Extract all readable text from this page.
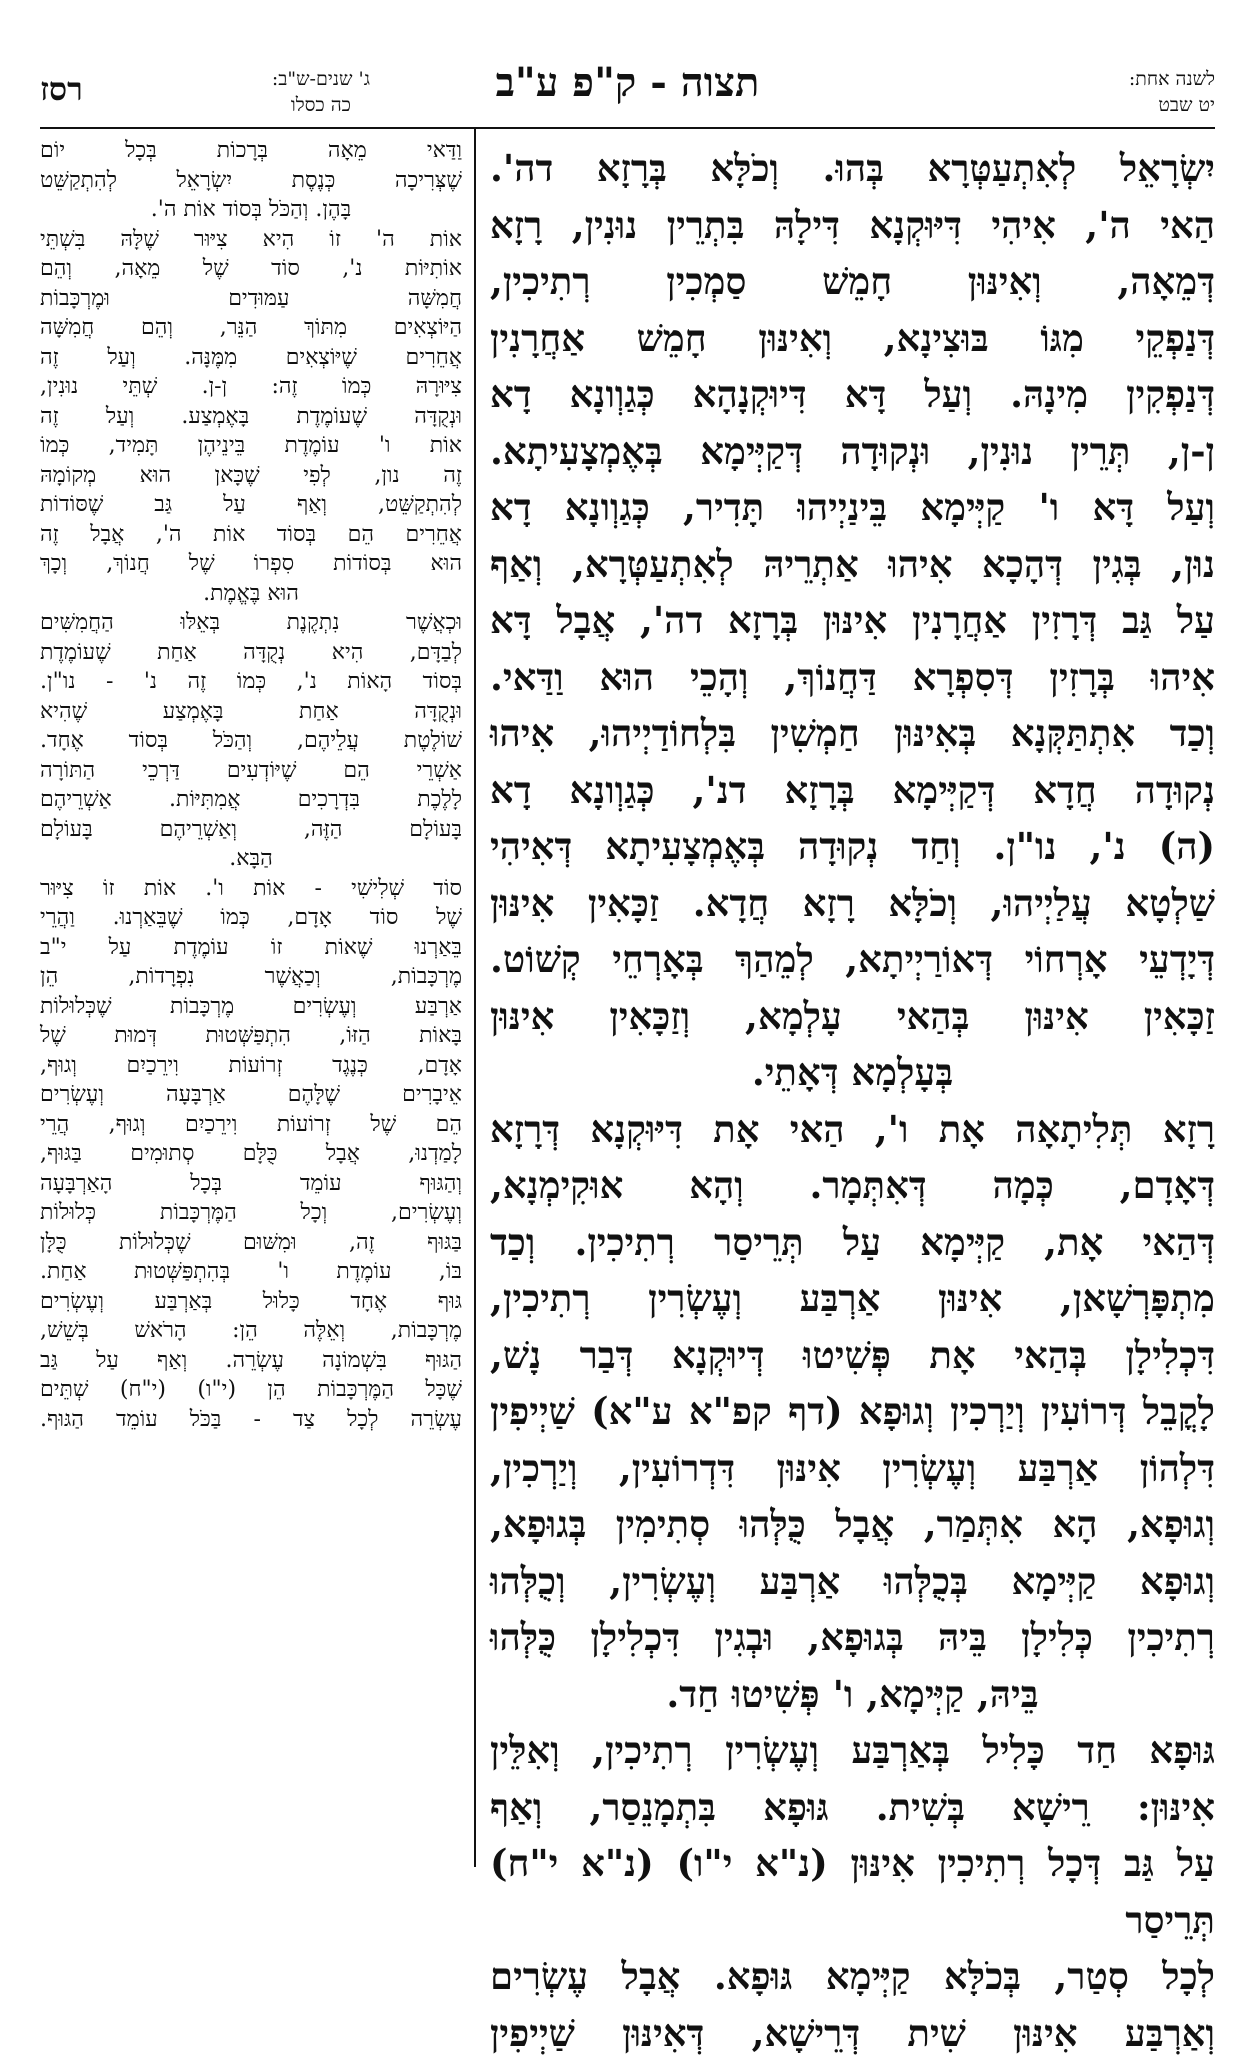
לשנה אחת:
יט שבט
תצוה - ק"פ ע"ב
ג' שנים-ש"ב:
כה כסלו
רסז

יִשְׂרָאֵל לְאִתְעַטְּרָא בְּהוּ. וְכֹלָּא בְּרָזָא דה'.

הַאי ה', אִיהִי דִּיּוּקְנָא דִּילָהּ בִּתְרֵין נוּנִין, רָזָא

דְּמֵאָה, וְאִינּוּן חָמֵשׁ סַמְכִין רְתִיכִין,

דְּנַפְקֵי מִגּוֹ בּוּצִינָא, וְאִינּוּן חָמֵשׁ אַחֲרָנִין

דְּנַפְקִין מִינָהּ. וְעַל דָּא דִּיוּקְנָהָא כְּגַוְונָא דָא

ן-ן, תְּרֵין נוּנִין, וּנְקוּדָה דְּקַיְּימָא בְּאֶמְצָעִיתָא.

וְעַל דָּא ו' קַיְּימָא בֵּינַיְיהוּ תָּדִיר, כְּגַוְונָא דָא

נוּן, בְּגִין דְּהָכָא אִיהוּ אַתְרֵיהּ לְאִתְעַטְּרָא, וְאַף

עַל גַּב דְּרָזִין אַחֲרָנִין אִינּוּן בְּרָזָא דה', אֲבָל דָּא

אִיהוּ בְּרָזִין דְּסִפְרָא דַּחֲנוֹךְ, וְהָכֵי הוּא וַדַּאי.

וְכַד אִתְתַּקְּנָא בְּאִינּוּן חַמְשִׁין בִּלְחוֹדַיְיהוּ, אִיהוּ

נְקוּדָה חֲדָא דְּקַיְּימָא בְּרָזָא דנ', כְּגַוְונָא דָא

(ה) נ', נו"ן. וְחַד נְקוּדָה בְּאֶמְצָעִיתָא דְּאִיהִי

שַׁלְטָא עֲלַיְיהוּ, וְכֹלָּא רָזָא חֲדָא. זַכָּאִין אִינּוּן

דְּיָדְעֵי אָרְחוֹי דְּאוֹרַיְיתָא, לְמֵהַךְ בְּאָרְחֵי קְשׁוֹט.

זַכָּאִין אִינּוּן בְּהַאי עָלְמָא, וְזַכָּאִין אִינּוּן

בְּעָלְמָא דְּאָתֵי.

רָזָא תְּלִיתָאָה אָת ו', הַאי אָת דִּיּוּקְנָא דְּרָזָא

דְּאָדָם, כְּמָה דְּאִתְּמָר. וְהָא אוּקִימְנָא,

דְּהַאי אָת, קַיְּימָא עַל תְּרֵיסַר רְתִיכִין. וְכַד

מִתְפָּרְשָׁאן, אִינּוּן אַרְבַּע וְעֶשְׂרִין רְתִיכִין,

דִּכְלִילָן בְּהַאי אָת פְּשִׁיטוּ דְּיוּקְנָא דְּבַר נָשׁ,

לָקֳבֵל דְּרוֹעִין וְיַרְכִין וְגוּפָא (דף קפ"א ע"א) שַׁיְיפִין

דִּלְהוֹן אַרְבַּע וְעֶשְׂרִין אִינּוּן דִּדְרוֹעִין, וְיַרְכִין,

וְגוּפָא, הָא אִתְּמַר, אֲבָל כֻּלְּהוּ סְתִימִין בְּגוּפָא,

וְגוּפָא קַיְּימָא בְּכֻלְּהוּ אַרְבַּע וְעֶשְׂרִין, וְכֻלְּהוּ

רְתִיכִין כְּלִילָן בֵּיהּ בְּגוּפָא, וּבְגִין דִּכְלִילָן כֻּלְּהוּ

בֵּיהּ, קַיְּימָא, ו' פְּשִׁיטוּ חַד.

גּוּפָא חַד כָּלִיל בְּאַרְבַּע וְעֶשְׂרִין רְתִיכִין, וְאִלֵּין

אִינּוּן: רֵישָׁא בְּשִׁית. גּוּפָא בִּתְמָנֵסַר, וְאַף

עַל גַּב דְּכָל רְתִיכִין אִינּוּן (נ"א י"ו) (נ"א י"ח) תְּרֵיסַר

לְכָל סְטַר, בְּכֹלָּא קַיְּימָא גּוּפָא. אֲבָל עֶשְׂרִים

וְאַרְבַּע אִינּוּן שִׁית דְּרֵישָׁא, דְּאִינּוּן שַׁיְיפִין

וַדַּאי מֵאָה בְּרָכוֹת בְּכָל יוֹם

שֶׁצְּרִיכָה כְּנֶסֶת יִשְׂרָאֵל לְהִתְקַשֵּׁט

בָּהֶן. וְהַכֹּל בְּסוֹד אוֹת ה'.

אוֹת ה' זוֹ הִיא צִיּוּר שֶׁלָּהּ בִּשְׁתֵּי

אוֹתִיּוֹת נ', סוֹד שֶׁל מֵאָה, וְהֵם

חֲמִשָּׁה עַמּוּדִים וּמֶרְכָּבוֹת

הַיּוֹצְאִים מִתּוֹךְ הַנֵּר, וְהֵם חֲמִשָּׁה

אֲחֵרִים שֶׁיּוֹצְאִים מִמֶּנָּה. וְעַל זֶה

צִיּוּרָהּ כְּמוֹ זֶה: ן-ן. שְׁתֵּי נוּנִין,

וּנְקֻדָּה שֶׁעוֹמֶדֶת בָּאֶמְצַע. וְעַל זֶה

אוֹת ו' עוֹמֶדֶת בֵּינֵיהֶן תָּמִיד, כְּמוֹ

זֶה נון, לְפִי שֶׁכָּאן הוּא מְקוֹמָהּ

לְהִתְקַשֵּׁט, וְאַף עַל גַּב שֶׁסּוֹדוֹת

אֲחֵרִים הֵם בְּסוֹד אוֹת ה', אֲבָל זֶה

הוּא בְּסוֹדוֹת סִפְרוֹ שֶׁל חֲנוֹךְ, וְכָךְ

הוּא בֶּאֱמֶת.

וּכְאֲשֶׁר נִתְקֶנֶת בְּאֵלּוּ הַחֲמִשִּׁים

לְבַדָּם, הִיא נְקֻדָּה אַחַת שֶׁעוֹמֶדֶת

בְּסוֹד הָאוֹת נ', כְּמוֹ זֶה נ' - נו"ן.

וּנְקֻדָּה אַחַת בָּאֶמְצַע שֶׁהִיא

שׁוֹלֶטֶת עֲלֵיהֶם, וְהַכֹּל בְּסוֹד אֶחָד.

אַשְׁרֵי הֵם שֶׁיּוֹדְעִים דַּרְכֵי הַתּוֹרָה

לָלֶכֶת בִּדְרָכִים אֲמִתִּיּוֹת. אַשְׁרֵיהֶם

בָּעוֹלָם הַזֶּה, וְאַשְׁרֵיהֶם בָּעוֹלָם

הַבָּא.

סוֹד שְׁלִישִׁי - אוֹת ו'. אוֹת זוֹ צִיּוּר

שֶׁל סוֹד אָדָם, כְּמוֹ שֶׁבֵּאַרְנוּ. וַהֲרֵי

בֵּאַרְנוּ שֶׁאוֹת זוֹ עוֹמֶדֶת עַל י"ב

מֶרְכָּבוֹת, וְכַאֲשֶׁר נִפְרָדוֹת, הֵן

אַרְבַּע וְעֶשְׂרִים מֶרְכָּבוֹת שֶׁכְּלוּלוֹת

בָּאוֹת הַזּוֹ, הִתְפַּשְּׁטוּת דְּמוּת שֶׁל

אָדָם, כְּנֶגֶד זְרוֹעוֹת וִירֵכַיִם וְגוּף,

אֵיבָרִים שֶׁלָּהֶם אַרְבָּעָה וְעֶשְׂרִים

הֵם שֶׁל זְרוֹעוֹת וִירֵכַיִם וְגוּף, הֲרֵי

לָמַדְנוּ, אֲבָל כֻּלָּם סְתוּמִים בַּגּוּף,

וְהַגּוּף עוֹמֵד בְּכָל הָאַרְבָּעָה

וְעֶשְׂרִים, וְכָל הַמֶּרְכָּבוֹת כְּלוּלוֹת

בַּגּוּף זֶה, וּמִשּׁוּם שֶׁכְּלוּלוֹת כֻּלָּן

בּוֹ, עוֹמֶדֶת ו' בְּהִתְפַּשְּׁטוּת אַחַת.

גּוּף אֶחָד כָּלוּל בְּאַרְבַּע וְעֶשְׂרִים

מֶרְכָּבוֹת, וְאֵלֶּה הֵן: הָרֹאשׁ בְּשֵׁשׁ,

הַגּוּף בִּשְׁמוֹנָה עֶשְׂרֵה. וְאַף עַל גַּב

שֶׁכָּל הַמֶּרְכָּבוֹת הֵן (י"ו) (י"ח) שְׁתֵּים

עֶשְׂרֵה לְכָל צַד - בַּכֹּל עוֹמֵד הַגּוּף.
